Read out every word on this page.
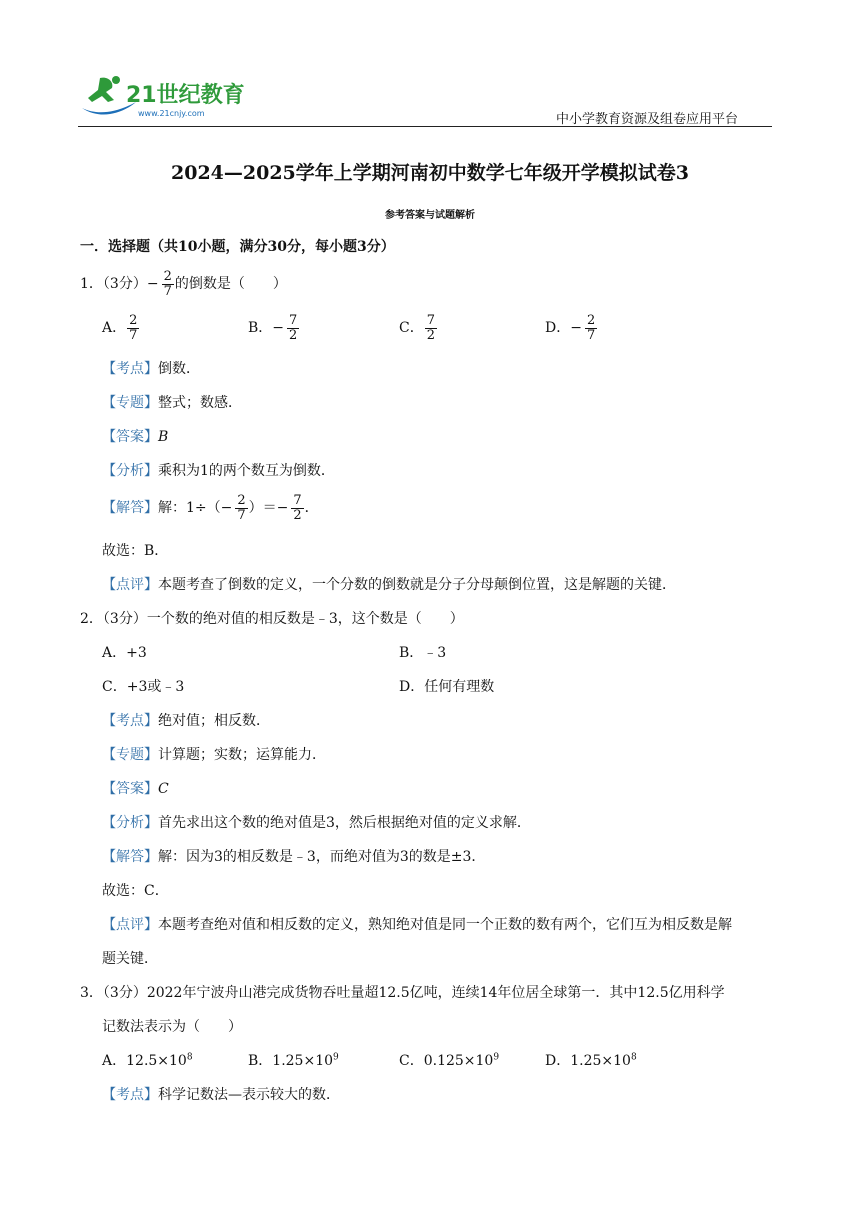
21世纪教育
www.21cnjy.com	中小学教育资源及组卷应用平台
2024—2025学年上学期河南初中数学七年级开学模拟试卷3
参考答案与试题解析
一．选择题（共10小题，满分30分，每小题3分）
1．（3分）− $\frac{2}{7}$ 的倒数是（　　）
A． $\frac{2}{7}$	B．− $\frac{7}{2}$	C． $\frac{7}{2}$	D．− $\frac{2}{7}$
【考点】倒数．
【专题】整式；数感．
【答案】B
【分析】乘积为1的两个数互为倒数．
【解答】解：$1\div(- \frac{2}{7}$ ）＝− $\frac{7}{2}$ ．
故选：B．
【点评】本题考查了倒数的定义，一个分数的倒数就是分子分母颠倒位置，这是解题的关键．
2．（3分）一个数的绝对值的相反数是﹣3，这个数是（　　）
A．+3	B．﹣3
C．+3或﹣3	D．任何有理数
【考点】绝对值；相反数．
【专题】计算题；实数；运算能力．
【答案】C
【分析】首先求出这个数的绝对值是3，然后根据绝对值的定义求解．
【解答】解：因为3的相反数是﹣3，而绝对值为3的数是±3．
故选：C．
【点评】本题考查绝对值和相反数的定义，熟知绝对值是同一个正数的数有两个，它们互为相反数是解
题关键．
3．（3分）2022年宁波舟山港完成货物吞吐量超12.5亿吨，连续14年位居全球第一．其中12.5亿用科学
记数法表示为（　　）
A．$12.5\times 10^8$	B．$1.25\times 10^9$	C．$0.125\times 10^9$	D．$1.25\times 10^8$
【考点】科学记数法—表示较大的数．
